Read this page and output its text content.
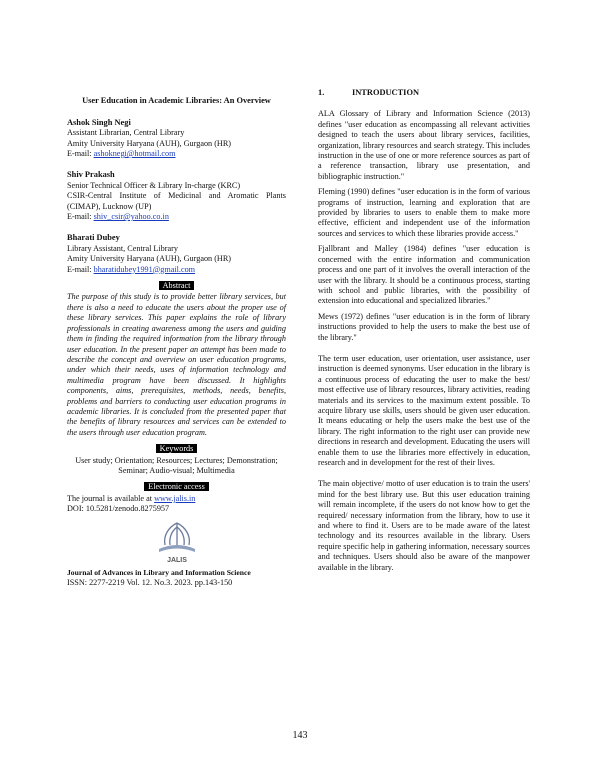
User Education in Academic Libraries: An Overview
Ashok Singh Negi
Assistant Librarian, Central Library
Amity University Haryana (AUH), Gurgaon (HR)
E-mail: ashoknegi@hotmail.com
Shiv Prakash
Senior Technical Officer & Library In-charge (KRC)
CSIR-Central Institute of Medicinal and Aromatic Plants (CIMAP), Lucknow (UP)
E-mail: shiv_csir@yahoo.co.in
Bharati Dubey
Library Assistant, Central Library
Amity University Haryana (AUH), Gurgaon (HR)
E-mail: bharatidubey1991@gmail.com
Abstract
The purpose of this study is to provide better library services, but there is also a need to educate the users about the proper use of these library services. This paper explains the role of library professionals in creating awareness among the users and guiding them in finding the required information from the library through user education. In the present paper an attempt has been made to describe the concept and overview on user education programs, under which their needs, uses of information technology and multimedia program have been discussed. It highlights components, aims, prerequisites, methods, needs, benefits, problems and barriers to conducting user education programs in academic libraries. It is concluded from the presented paper that the benefits of library resources and services can be extended to the users through user education program.
Keywords
User study; Orientation; Resources; Lectures; Demonstration; Seminar; Audio-visual; Multimedia
Electronic access
The journal is available at www.jalis.in
DOI: 10.5281/zenodo.8275957
JALIS
Journal of Advances in Library and Information Science
ISSN: 2277-2219 Vol. 12. No.3. 2023. pp.143-150
1.	INTRODUCTION

ALA Glossary of Library and Information Science (2013) defines "user education as encompassing all relevant activities designed to teach the users about library services, facilities, organization, library resources and search strategy. This includes instruction in the use of one or more reference sources as part of a reference transaction, library use presentation, and bibliographic instruction."

Fleming (1990) defines "user education is in the form of various programs of instruction, learning and exploration that are provided by libraries to users to enable them to make more effective, efficient and independent use of the information sources and services to which these libraries provide access."

Fjallbrant and Malley (1984) defines "user education is concerned with the entire information and communication process and one part of it involves the overall interaction of the user with the library. It should be a continuous process, starting with school and public libraries, with the possibility of extension into educational and specialized libraries."

Mews (1972) defines "user education is in the form of library instructions provided to help the users to make the best use of the library."

The term user education, user orientation, user assistance, user instruction is deemed synonyms. User education in the library is a continuous process of educating the user to make the best/ most effective use of library resources, library activities, reading materials and its services to the maximum extent possible. To acquire library use skills, users should be given user education. It means educating or help the users make the best use of the library. The right information to the right user can provide new directions in research and development. Educating the users will enable them to use the libraries more effectively in education, research and in development for the rest of their lives.

The main objective/ motto of user education is to train the users' mind for the best library use. But this user education training will remain incomplete, if the users do not know how to get the required/ necessary information from the library, how to use it and where to find it. Users are to be made aware of the latest technology and its resources available in the library. Users require specific help in gathering information, necessary sources and techniques. Users should also be aware of the manpower available in the library.

143
